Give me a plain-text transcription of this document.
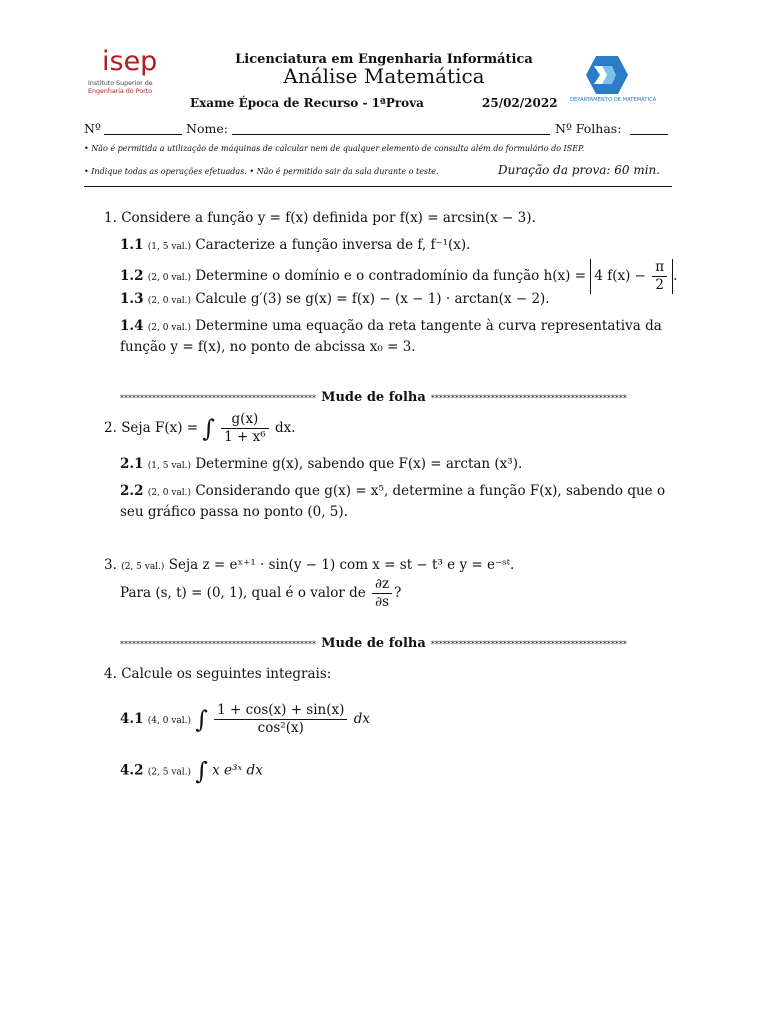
isep
Instituto Superior de
Engenharia do Porto
Licenciatura em Engenharia Informática
Análise Matemática
Exame Época de Recurso - 1ªProva	25/02/2022 DEPARTAMENTO DE MATEMÁTICA
Nº	Nome:	Nº Folhas:
• Não é permitida a utilização de máquinas de calcular nem de qualquer elemento de consulta além do formulário do ISEP.
• Indique todas as operações efetuadas. • Não é permitido sair da sala durante o teste.	Duração da prova: 60 min.
1. Considere a função y = f(x) definida por f(x) = arcsin(x − 3).
1.1 (1, 5 val.) Caracterize a função inversa de f, f⁻¹(x).
1.2 (2, 0 val.) Determine o domínio e o contradomínio da função h(x) = 4 $f(x) - \frac{\pi}{2}$ .
1.3 (2, 0 val.) Calcule g′(3) se g(x) = f(x) − (x − 1) · arctan(x − 2).
1.4 (2, 0 val.) Determine uma equação da reta tangente à curva representativa da
função y = f(x), no ponto de abcissa x₀ = 3.
************************************************* Mude de folha *************************************************
2. Seja F(x) = ∫ $\frac{g(x)}{\text{1 + x⁶}}$ dx.
2.1 (1, 5 val.) Determine g(x), sabendo que F(x) = arctan (x³).
2.2 (2, 0 val.) Considerando que g(x) = x⁵, determine a função F(x), sabendo que o
seu gráfico passa no ponto (0, 5).
3. (2, 5 val.) Seja z = eˣ⁺¹ · sin(y − 1) com x = st − t³ e y = e⁻ˢᵗ.
Para (s, t) = (0, 1), qual é o valor de $\frac{\partial z}{\partial s}$ ?
************************************************* Mude de folha *************************************************
4. Calcule os seguintes integrais:
4.1 (4, 0 val.) ∫ $\frac{1 + \cos(x) + \sin(x)}{\text{cos²(x)}}$ dx
4.2 (2, 5 val.) ∫ x e³ˣ dx
